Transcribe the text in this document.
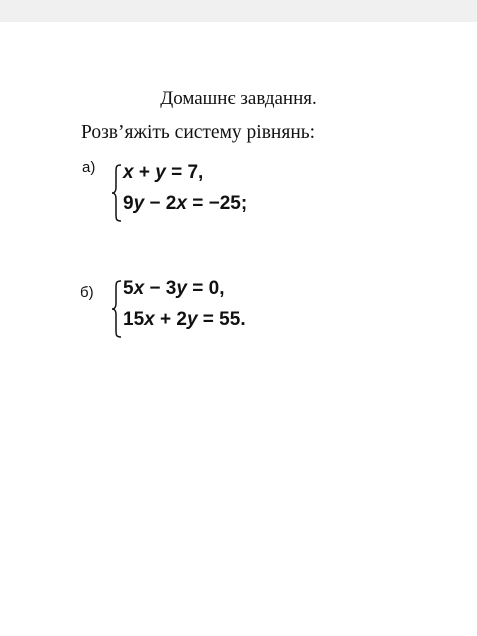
Домашнє завдання.
Розв’яжіть систему рівнянь:
а) x + y = 7,
9y − 2x = −25;
б) 5x − 3y = 0,
15x + 2y = 55.
